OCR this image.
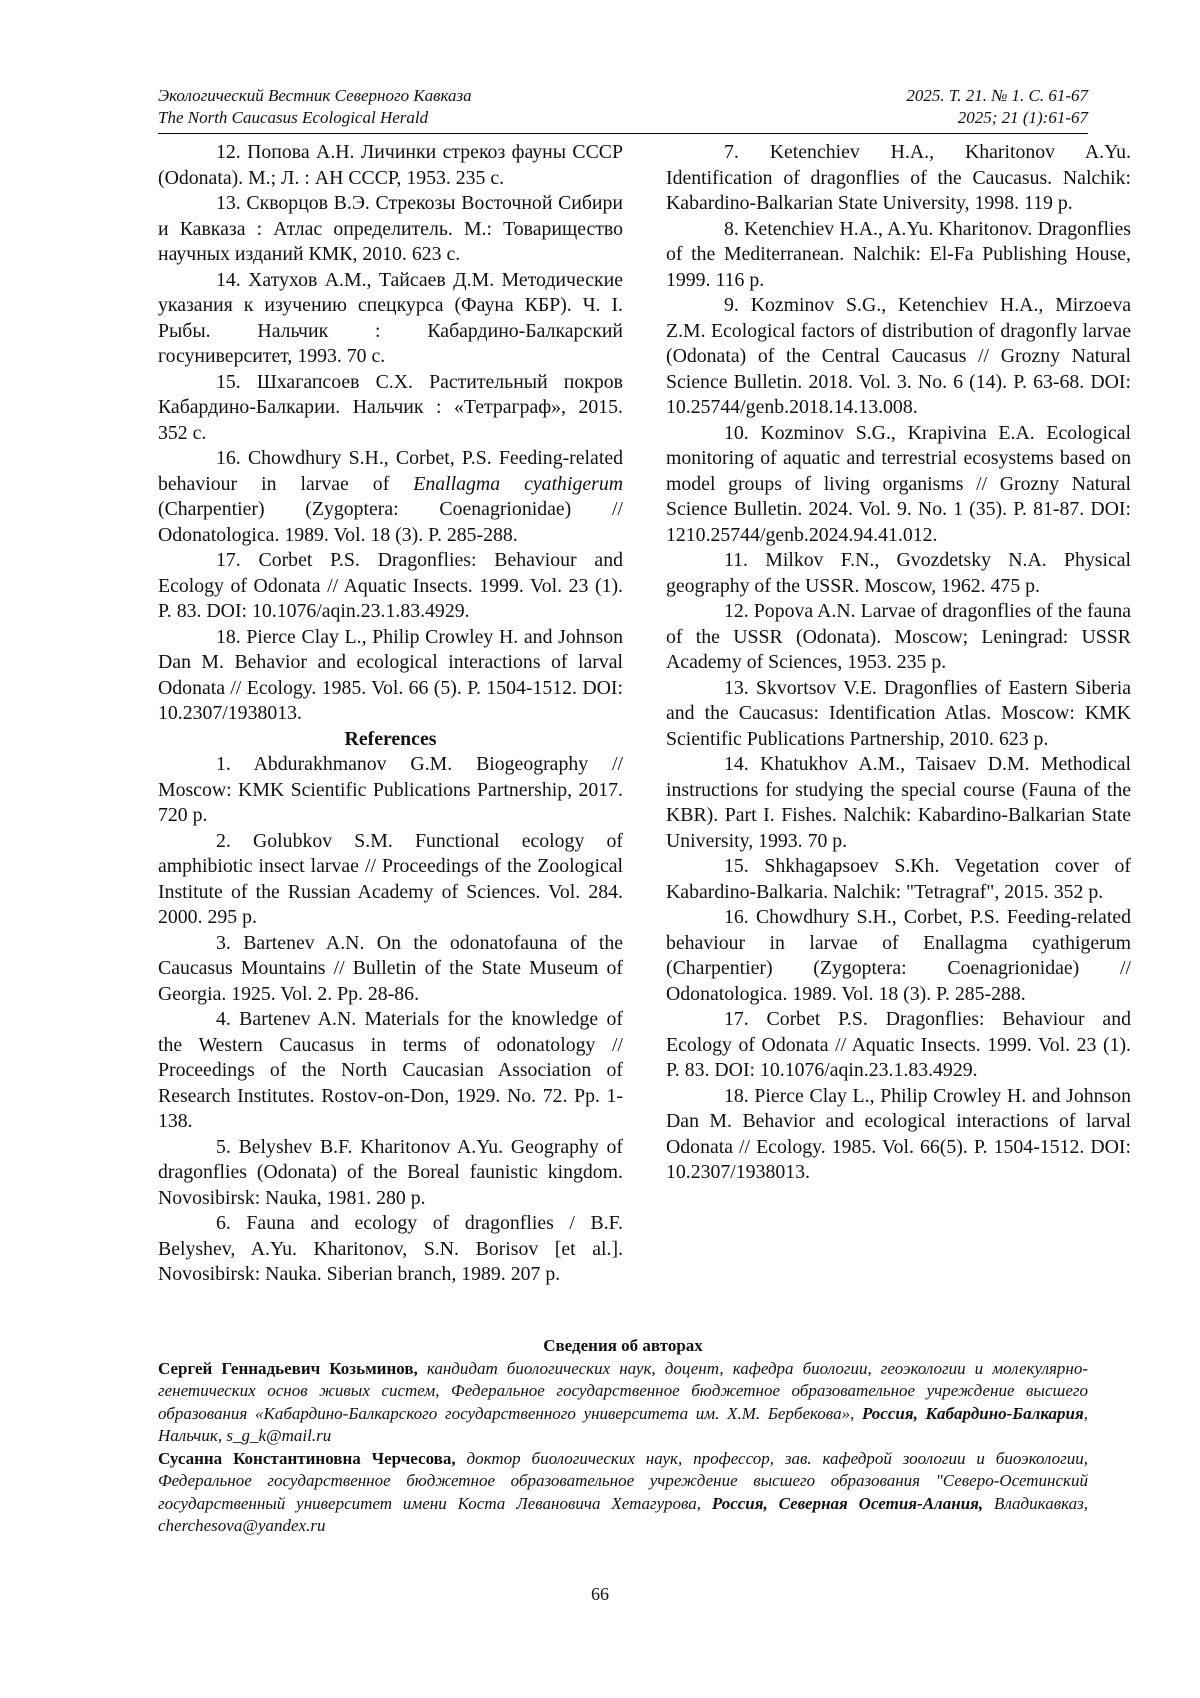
Экологический Вестник Северного Кавказа	2025. Т. 21. № 1. С. 61-67
The North Caucasus Ecological Herald	2025; 21 (1):61-67

12. Попова А.Н. Личинки стрекоз фауны СССР (Odonata). М.; Л. : АН СССР, 1953. 235 с.

13. Скворцов В.Э. Стрекозы Восточной Сибири и Кавказа : Атлас определитель. М.: Товарищество научных изданий КМК, 2010. 623 с.

14. Хатухов А.М., Тайсаев Д.М. Методические указания к изучению спецкурса (Фауна КБР). Ч. I. Рыбы. Нальчик : Кабардино-Балкарский госуниверситет, 1993. 70 с.

15. Шхагапсоев С.Х. Растительный покров Кабардино-Балкарии. Нальчик : «Тетраграф», 2015. 352 с.

16. Chowdhury S.H., Corbet, P.S. Feeding-related behaviour in larvae of Enallagma cyathigerum (Charpentier) (Zygoptera: Coenagrionidae) // Odonatologica. 1989. Vol. 18 (3). P. 285-288.

17. Corbet P.S. Dragonflies: Behaviour and Ecology of Odonata // Aquatic Insects. 1999. Vol. 23 (1). P. 83. DOI: 10.1076/aqin.23.1.83.4929.

18. Pierce Clay L., Philip Crowley H. and Johnson Dan M. Behavior and ecological interactions of larval Odonata // Ecology. 1985. Vol. 66 (5). P. 1504-1512. DOI: 10.2307/1938013.

References

1. Abdurakhmanov G.M. Biogeography // Moscow: KMK Scientific Publications Partnership, 2017. 720 p.

2. Golubkov S.M. Functional ecology of amphibiotic insect larvae // Proceedings of the Zoological Institute of the Russian Academy of Sciences. Vol. 284. 2000. 295 p.

3. Bartenev A.N. On the odonatofauna of the Caucasus Mountains // Bulletin of the State Museum of Georgia. 1925. Vol. 2. Pp. 28-86.

4. Bartenev A.N. Materials for the knowledge of the Western Caucasus in terms of odonatology // Proceedings of the North Caucasian Association of Research Institutes. Rostov-on-Don, 1929. No. 72. Pp. 1-138.

5. Belyshev B.F. Kharitonov A.Yu. Geography of dragonflies (Odonata) of the Boreal faunistic kingdom. Novosibirsk: Nauka, 1981. 280 p.

6. Fauna and ecology of dragonflies / B.F. Belyshev, A.Yu. Kharitonov, S.N. Borisov [et al.]. Novosibirsk: Nauka. Siberian branch, 1989. 207 p.

7. Ketenchiev H.A., Kharitonov A.Yu. Identification of dragonflies of the Caucasus. Nalchik: Kabardino-Balkarian State University, 1998. 119 p.

8. Ketenchiev H.A., A.Yu. Kharitonov. Dragonflies of the Mediterranean. Nalchik: El-Fa Publishing House, 1999. 116 p.

9. Kozminov S.G., Ketenchiev H.A., Mirzoeva Z.M. Ecological factors of distribution of dragonfly larvae (Odonata) of the Central Caucasus // Grozny Natural Science Bulletin. 2018. Vol. 3. No. 6 (14). P. 63-68. DOI: 10.25744/genb.2018.14.13.008.

10. Kozminov S.G., Krapivina E.A. Ecological monitoring of aquatic and terrestrial ecosystems based on model groups of living organisms // Grozny Natural Science Bulletin. 2024. Vol. 9. No. 1 (35). P. 81-87. DOI: 1210.25744/genb.2024.94.41.012.

11. Milkov F.N., Gvozdetsky N.A. Physical geography of the USSR. Moscow, 1962. 475 p.

12. Popova A.N. Larvae of dragonflies of the fauna of the USSR (Odonata). Moscow; Leningrad: USSR Academy of Sciences, 1953. 235 p.

13. Skvortsov V.E. Dragonflies of Eastern Siberia and the Caucasus: Identification Atlas. Moscow: KMK Scientific Publications Partnership, 2010. 623 p.

14. Khatukhov A.M., Taisaev D.M. Methodical instructions for studying the special course (Fauna of the KBR). Part I. Fishes. Nalchik: Kabardino-Balkarian State University, 1993. 70 p.

15. Shkhagapsoev S.Kh. Vegetation cover of Kabardino-Balkaria. Nalchik: "Tetragraf", 2015. 352 p.

16. Chowdhury S.H., Corbet, P.S. Feeding-related behaviour in larvae of Enallagma cyathigerum (Charpentier) (Zygoptera: Coenagrionidae) // Odonatologica. 1989. Vol. 18 (3). P. 285-288.

17. Corbet P.S. Dragonflies: Behaviour and Ecology of Odonata // Aquatic Insects. 1999. Vol. 23 (1). P. 83. DOI: 10.1076/aqin.23.1.83.4929.

18. Pierce Clay L., Philip Crowley H. and Johnson Dan M. Behavior and ecological interactions of larval Odonata // Ecology. 1985. Vol. 66(5). P. 1504-1512. DOI: 10.2307/1938013.

Сведения об авторах

Сергей Геннадьевич Козьминов, кандидат биологических наук, доцент, кафедра биологии, геоэкологии и молекулярно-генетических основ живых систем, Федеральное государственное бюджетное образовательное учреждение высшего образования «Кабардино-Балкарского государственного университета им. Х.М. Бербекова», Россия, Кабардино-Балкария, Нальчик, s_g_k@mail.ru

Сусанна Константиновна Черчесова, доктор биологических наук, профессор, зав. кафедрой зоологии и биоэкологии, Федеральное государственное бюджетное образовательное учреждение высшего образования "Северо-Осетинский государственный университет имени Коста Левановича Хетагурова, Россия, Северная Осетия-Алания, Владикавказ, cherchesova@yandex.ru

66
